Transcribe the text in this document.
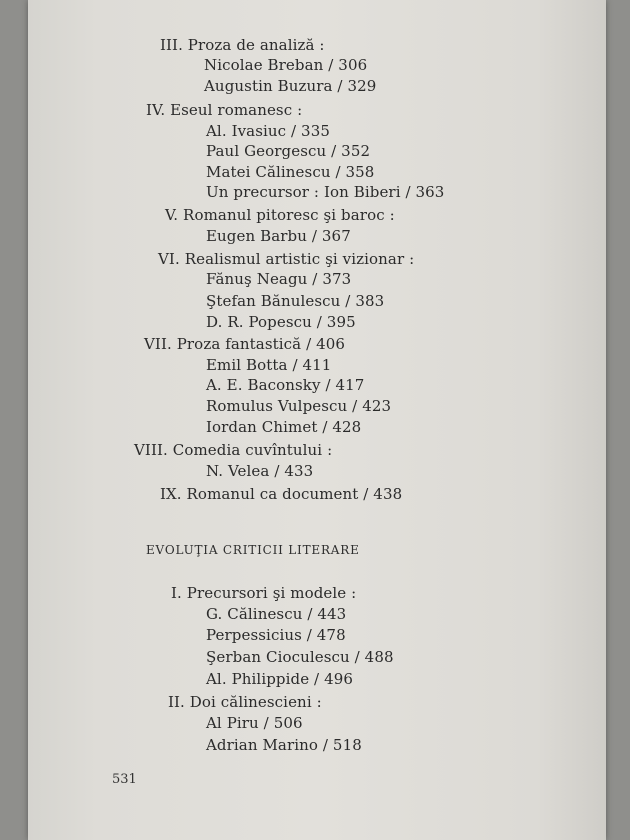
III. Proza de analiză :
Nicolae Breban / 306
Augustin Buzura / 329
IV. Eseul romanesc :
Al. Ivasiuc / 335
Paul Georgescu / 352
Matei Călinescu / 358
Un precursor : Ion Biberi / 363
V. Romanul pitoresc şi baroc :
Eugen Barbu / 367
VI. Realismul artistic şi vizionar :
Fănuş Neagu / 373
Ştefan Bănulescu / 383
D. R. Popescu / 395
VII. Proza fantastică / 406
Emil Botta / 411
A. E. Baconsky / 417
Romulus Vulpescu / 423
Iordan Chimet / 428
VIII. Comedia cuvîntului :
N. Velea / 433
IX. Romanul ca document / 438
EVOLUŢIA CRITICII LITERARE
I. Precursori şi modele :
G. Călinescu / 443
Perpessicius / 478
Şerban Cioculescu / 488
Al. Philippide / 496
II. Doi călinescieni :
Al Piru / 506
Adrian Marino / 518
531
